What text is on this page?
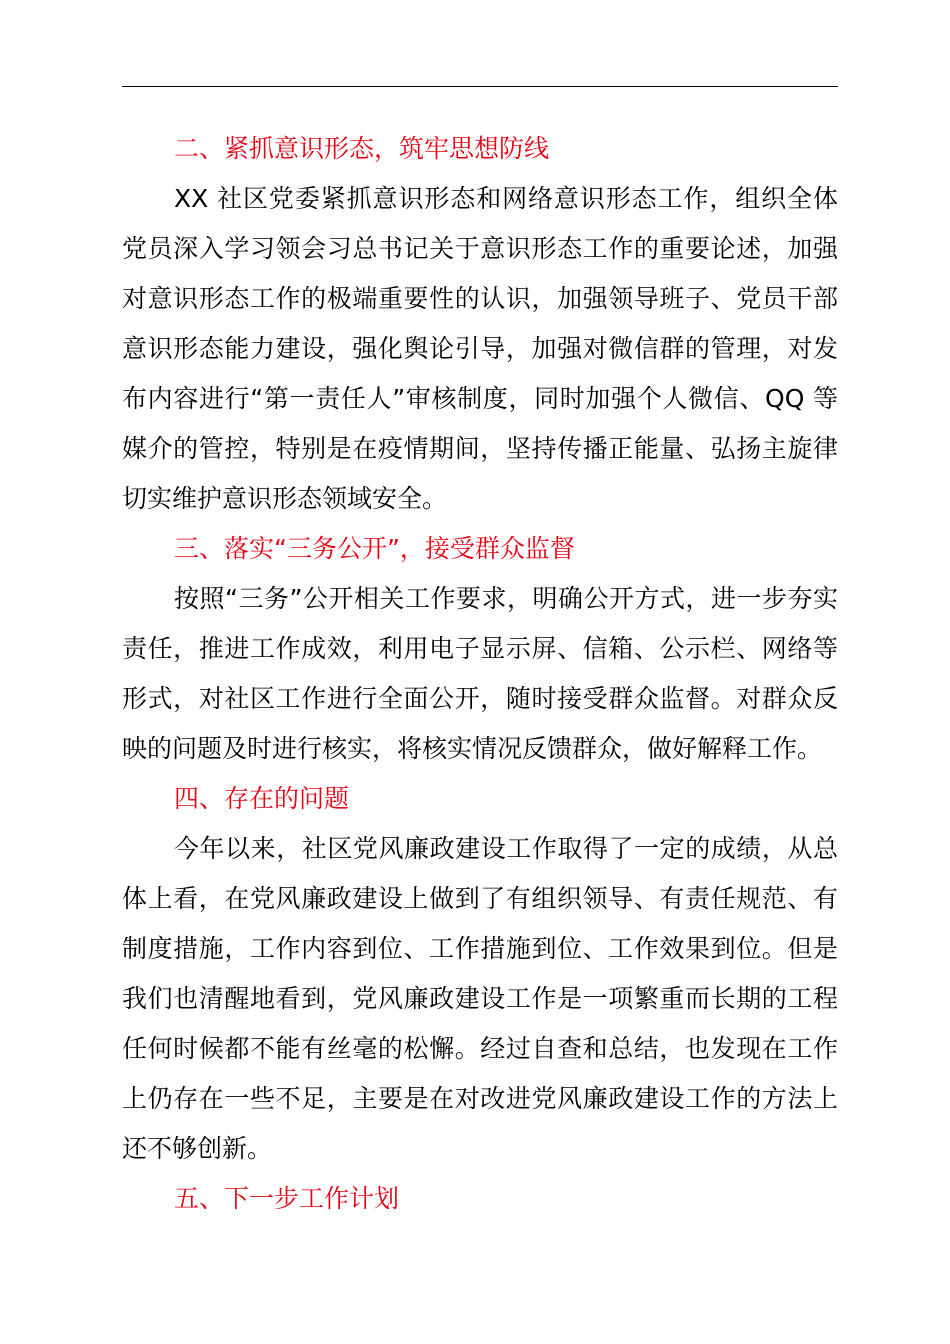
二、紧抓意识形态，筑牢思想防线
XX 社区党委紧抓意识形态和网络意识形态工作，组织全体
党员深入学习领会习总书记关于意识形态工作的重要论述，加强
对意识形态工作的极端重要性的认识，加强领导班子、党员干部
意识形态能力建设，强化舆论引导，加强对微信群的管理，对发
布内容进行“第一责任人”审核制度，同时加强个人微信、QQ 等
媒介的管控，特别是在疫情期间，坚持传播正能量、弘扬主旋律
切实维护意识形态领域安全。
三、落实“三务公开”，接受群众监督
按照“三务”公开相关工作要求，明确公开方式，进一步夯实
责任，推进工作成效，利用电子显示屏、信箱、公示栏、网络等
形式，对社区工作进行全面公开，随时接受群众监督。对群众反
映的问题及时进行核实，将核实情况反馈群众，做好解释工作。
四、存在的问题
今年以来，社区党风廉政建设工作取得了一定的成绩，从总
体上看，在党风廉政建设上做到了有组织领导、有责任规范、有
制度措施，工作内容到位、工作措施到位、工作效果到位。但是
我们也清醒地看到，党风廉政建设工作是一项繁重而长期的工程
任何时候都不能有丝毫的松懈。经过自查和总结，也发现在工作
上仍存在一些不足，主要是在对改进党风廉政建设工作的方法上
还不够创新。
五、下一步工作计划
